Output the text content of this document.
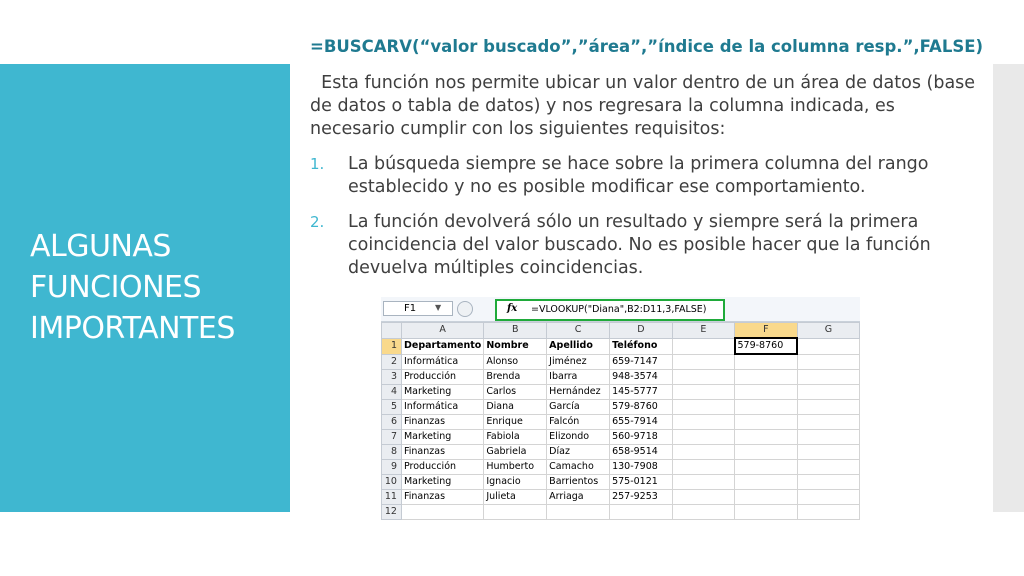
ALGUNAS
FUNCIONES
IMPORTANTES
=BUSCARV(“valor buscado”,”área”,”índice de la columna resp.”,FALSE)

Esta función nos permite ubicar un valor dentro de un área de datos (base de datos o tabla de datos) y nos regresara la columna indicada, es necesario cumplir con los siguientes requisitos:

1. La búsqueda siempre se hace sobre la primera columna del rango establecido y no es posible modificar ese comportamiento.
2. La función devolverá sólo un resultado y siempre será la primera coincidencia del valor buscado. No es posible hacer que la función devuelva múltiples coincidencias.
F1	▼	fx =VLOOKUP("Diana",B2:D11,3,FALSE)
	A	B	C	D	E	F	G
1	Departamento	Nombre	Apellido	Teléfono		579-8760	
2	Informática	Alonso	Jiménez	659-7147			
3	Producción	Brenda	Ibarra	948-3574			
4	Marketing	Carlos	Hernández	145-5777			
5	Informática	Diana	García	579-8760			
6	Finanzas	Enrique	Falcón	655-7914			
7	Marketing	Fabiola	Elizondo	560-9718			
8	Finanzas	Gabriela	Díaz	658-9514			
9	Producción	Humberto	Camacho	130-7908			
10	Marketing	Ignacio	Barrientos	575-0121			
11	Finanzas	Julieta	Arriaga	257-9253			
12							
